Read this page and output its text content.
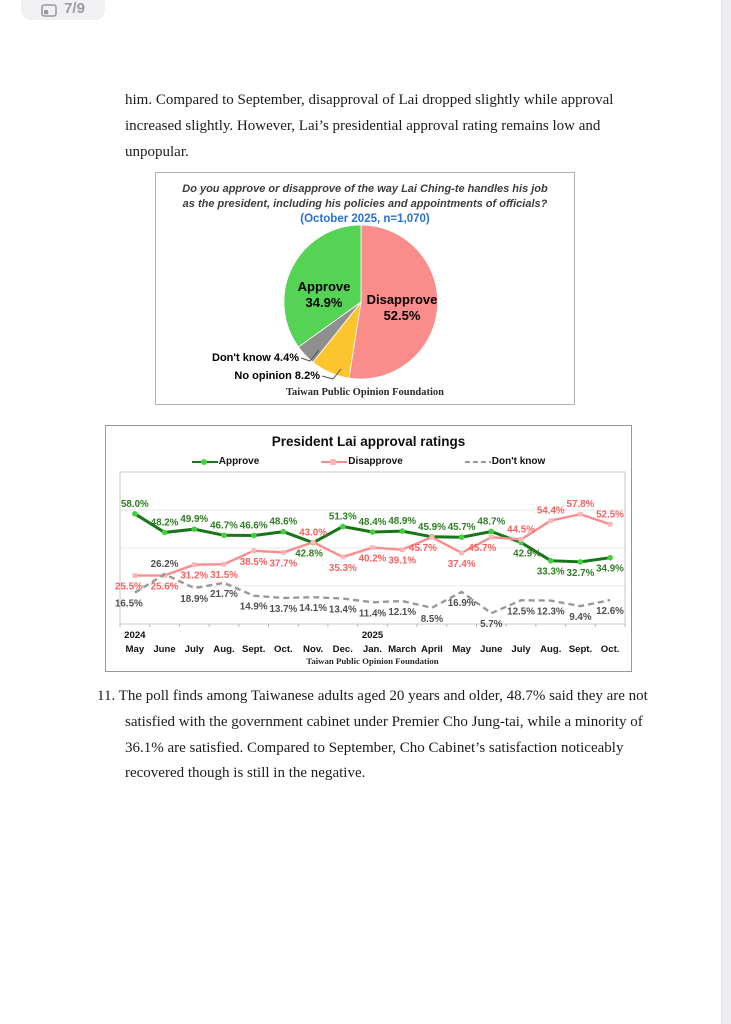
7/9
him. Compared to September, disapproval of Lai dropped slightly while approval increased slightly. However, Lai’s presidential approval rating remains low and unpopular.
Do you approve or disapprove of the way Lai Ching-te handles his job
as the president, including his policies and appointments of officials?
(October 2025, n=1,070)
Approve
34.9%	Disapprove
52.5%
Don't know 4.4%
No opinion 8.2%
Taiwan Public Opinion Foundation
President Lai approval ratings
Approve	Disapprove	Don't know
58.0%
48.2% 49.9%
46.7% 46.6% 48.6%
42.8%
51.3%
48.4% 48.9%
45.9% 45.7%
48.7%
42.9%
33.3% 32.7% 34.9%
25.5% 25.6%
31.2% 31.5%
38.5% 37.7%
43.0%
35.3%
40.2% 39.1%
45.7%
37.4%
45.7%
44.5%
54.4%
57.8%
52.5%
16.5%
26.2%
18.9% 21.7%
14.9% 13.7% 14.1% 13.4% 11.4% 12.1%
8.5%
16.9%
5.7%
12.5% 12.3%
9.4%
12.6%
May June July Aug. Sept. Oct. Nov. Dec. Jan. March April May June July Aug. Sept. Oct.
2024	2025
Taiwan Public Opinion Foundation
11. The poll finds among Taiwanese adults aged 20 years and older, 48.7% said they are not satisfied with the government cabinet under Premier Cho Jung-tai, while a minority of 36.1% are satisfied. Compared to September, Cho Cabinet’s satisfaction noticeably recovered though is still in the negative.
